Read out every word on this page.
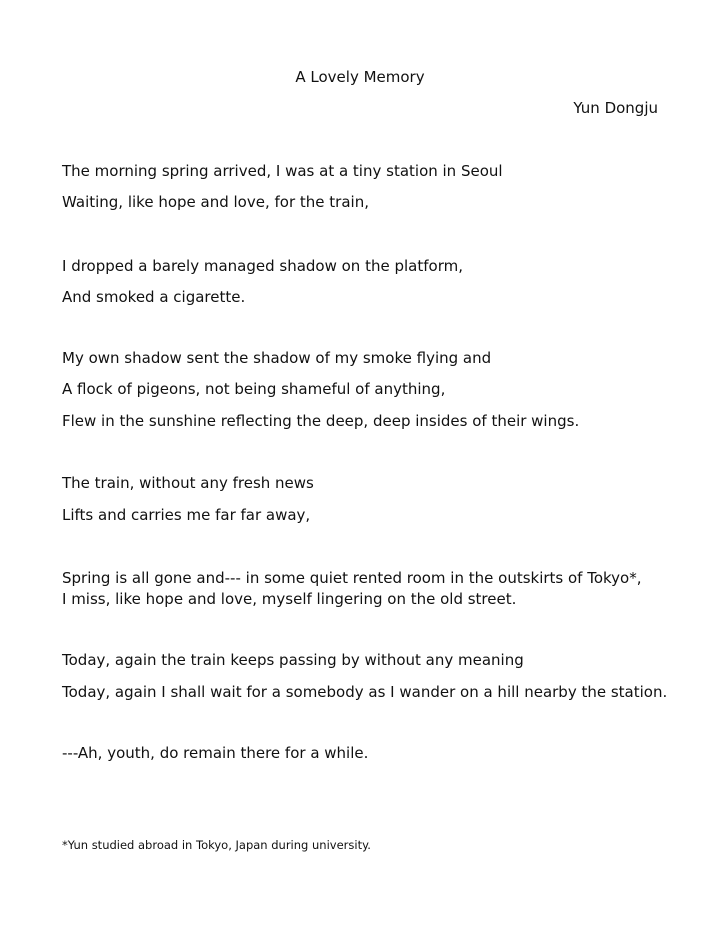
A Lovely Memory
Yun Dongju
The morning spring arrived, I was at a tiny station in Seoul
Waiting, like hope and love, for the train,
I dropped a barely managed shadow on the platform,
And smoked a cigarette.
My own shadow sent the shadow of my smoke flying and
A flock of pigeons, not being shameful of anything,
Flew in the sunshine reflecting the deep, deep insides of their wings.
The train, without any fresh news
Lifts and carries me far far away,
Spring is all gone and--- in some quiet rented room in the outskirts of Tokyo*,
I miss, like hope and love, myself lingering on the old street.
Today, again the train keeps passing by without any meaning
Today, again I shall wait for a somebody as I wander on a hill nearby the station.
---Ah, youth, do remain there for a while.
*Yun studied abroad in Tokyo, Japan during university.
